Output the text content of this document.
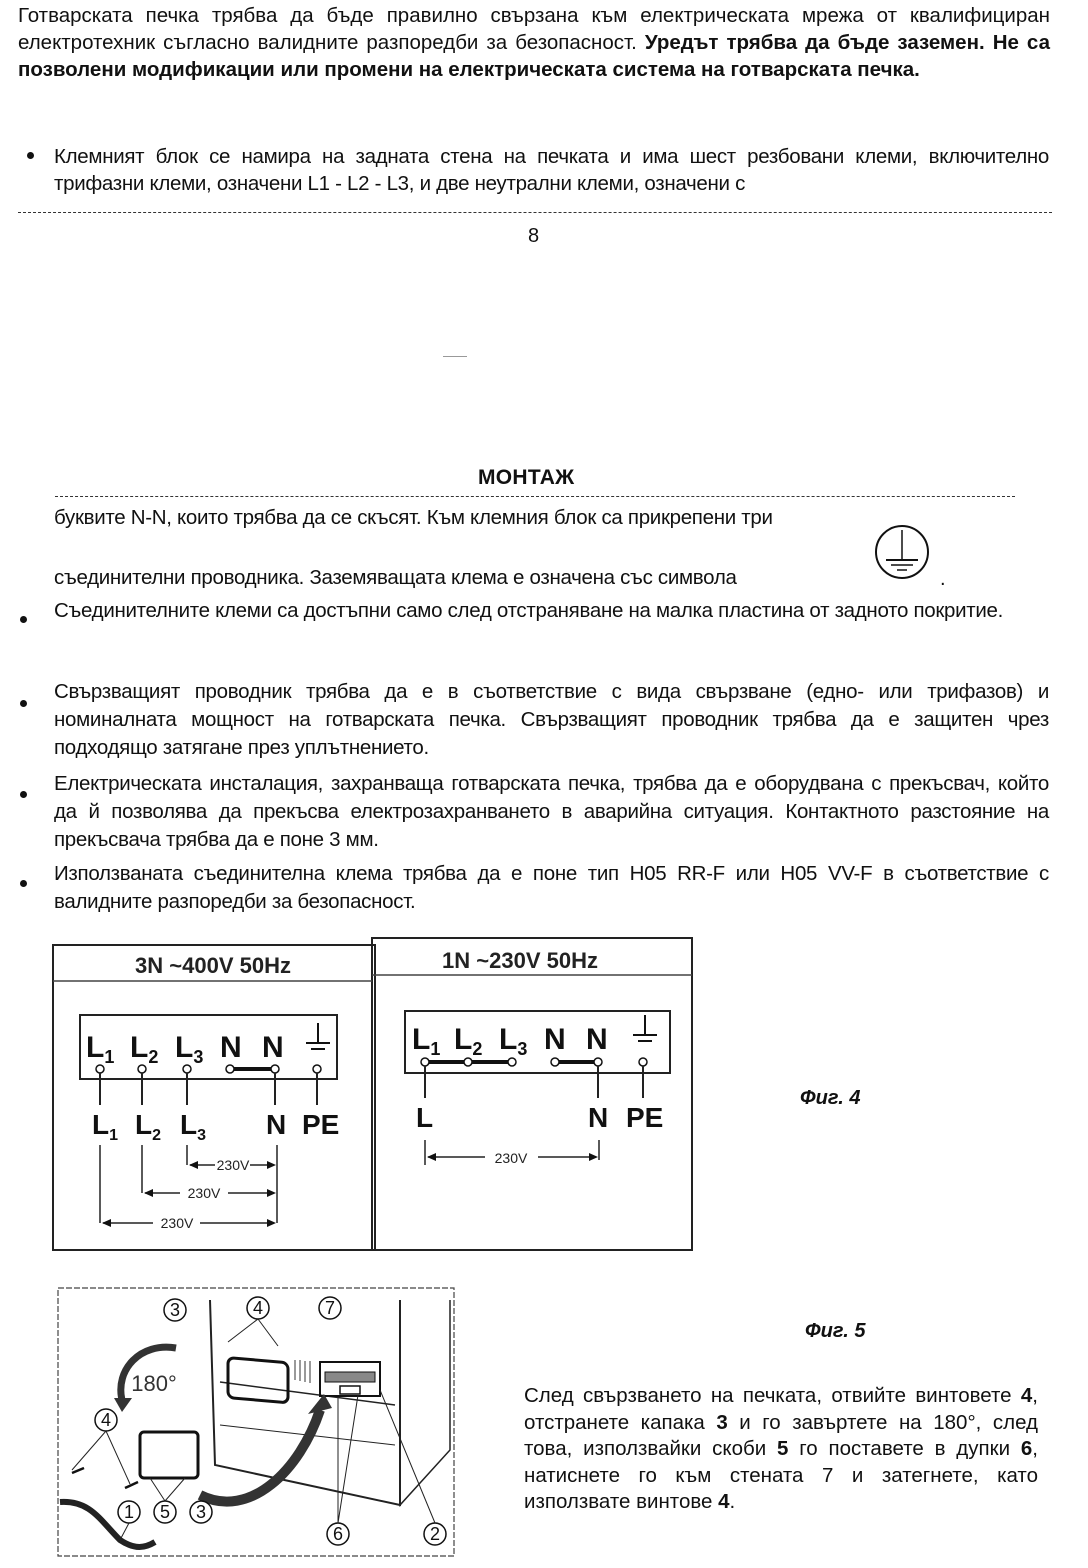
Готварската печка трябва да бъде правилно свързана към електрическата мрежа от квалифициран електротехник съгласно валидните разпоредби за безопасност. Уредът трябва да бъде заземен. Не са позволени модификации или промени на електрическата система на готварската печка.
Клемният блок се намира на задната стена на печката и има шест резбовани клеми, включително трифазни клеми, означени L1 - L2 - L3, и две неутрални клеми, означени с
8
МОНТАЖ
буквите N-N, които трябва да се скъсят. Към клемния блок са прикрепени три
съединителни проводника. Заземяващата клема е означена със символа	.
Съединителните клеми са достъпни само след отстраняване на малка пластина от задното покритие.
Свързващият проводник трябва да е в съответствие с вида свързване (едно- или трифазов) и номиналната мощност на готварската печка. Свързващият проводник трябва да е защитен чрез подходящо затягане през уплътнението.
Електрическата инсталация, захранваща готварската печка, трябва да е оборудвана с прекъсвач, който да й позволява да прекъсва електрозахранването в аварийна ситуация. Контактното разстояние на прекъсвача трябва да е поне 3 мм.
Използваната съединителна клема трябва да е поне тип H05 RR-F или H05 VV-F в съответствие с валидните разпоредби за безопасност.
3N ~400V 50Hz
$L_1$ $L_2$ $L_3$ N N
$L_1$ $L_2$ $L_3$ N PE
230V
230V
230V
1N ~230V 50Hz
$L_1$ $L_2$ $L_3$ N N
L	N PE
230V
Фиг. 4
180°
3	4	7
4
1 5 3
6	2
Фиг. 5
След свързването на печката, отвийте винтовете 4, отстранете капака 3 и го завъртете на 180°, след това, използвайки скоби 5 го поставете в дупки 6, натиснете го към стената 7 и затегнете, като използвате винтове 4.
